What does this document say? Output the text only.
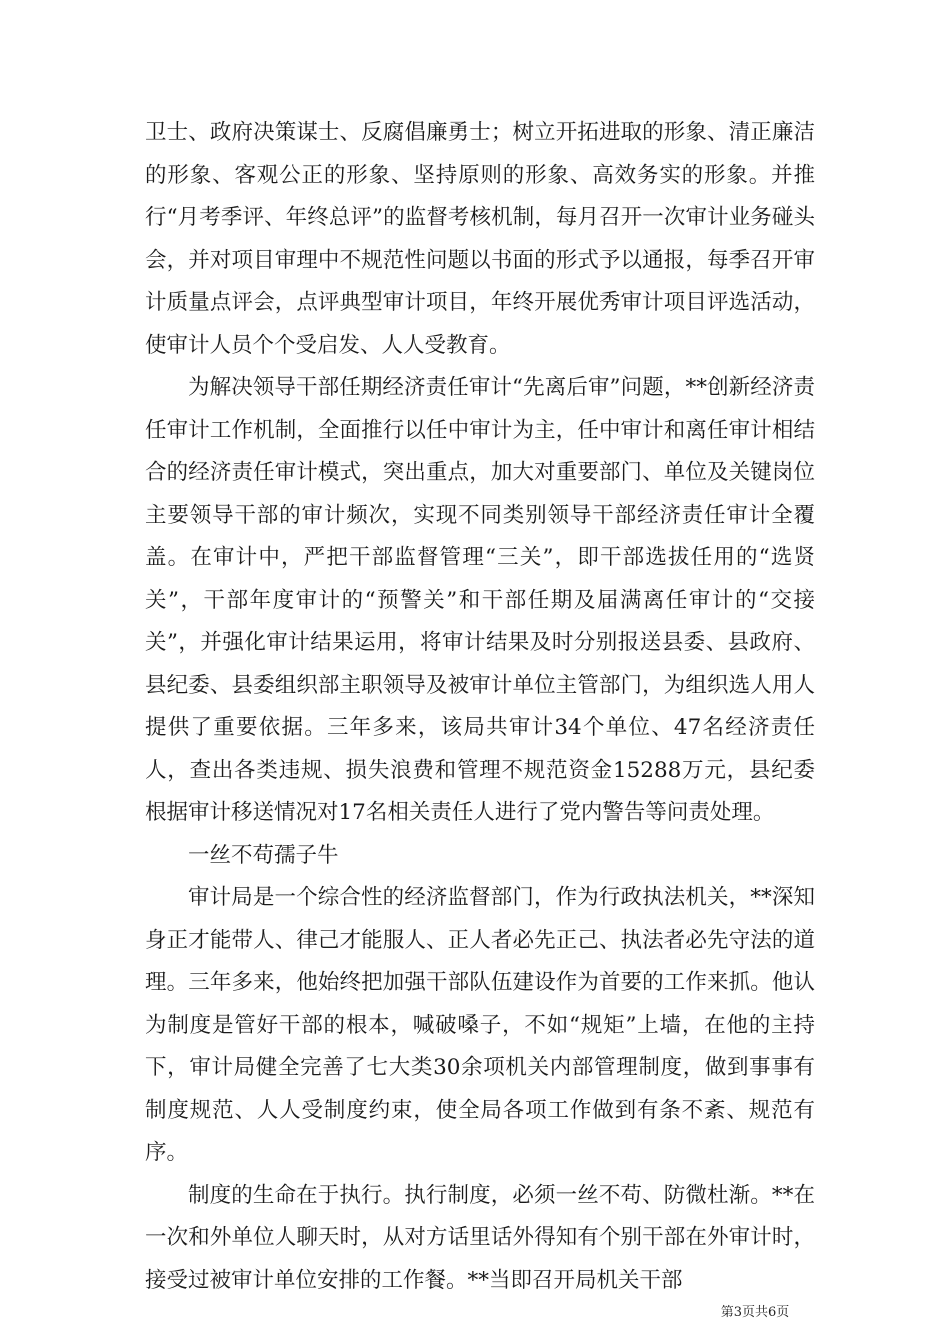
卫士、政府决策谋士、反腐倡廉勇士；树立开拓进取的形象、清正廉洁的形象、客观公正的形象、坚持原则的形象、高效务实的形象。并推行“月考季评、年终总评”的监督考核机制，每月召开一次审计业务碰头会，并对项目审理中不规范性问题以书面的形式予以通报，每季召开审计质量点评会，点评典型审计项目，年终开展优秀审计项目评选活动，使审计人员个个受启发、人人受教育。

为解决领导干部任期经济责任审计“先离后审”问题，**创新经济责任审计工作机制，全面推行以任中审计为主，任中审计和离任审计相结合的经济责任审计模式，突出重点，加大对重要部门、单位及关键岗位主要领导干部的审计频次，实现不同类别领导干部经济责任审计全覆盖。在审计中，严把干部监督管理“三关”，即干部选拔任用的“选贤关”，干部年度审计的“预警关”和干部任期及届满离任审计的“交接关”，并强化审计结果运用，将审计结果及时分别报送县委、县政府、县纪委、县委组织部主职领导及被审计单位主管部门，为组织选人用人提供了重要依据。三年多来，该局共审计34个单位、47名经济责任人，查出各类违规、损失浪费和管理不规范资金15288万元，县纪委根据审计移送情况对17名相关责任人进行了党内警告等问责处理。

一丝不苟孺子牛

审计局是一个综合性的经济监督部门，作为行政执法机关，**深知身正才能带人、律己才能服人、正人者必先正己、执法者必先守法的道理。三年多来，他始终把加强干部队伍建设作为首要的工作来抓。他认为制度是管好干部的根本，喊破嗓子，不如“规矩”上墙，在他的主持下，审计局健全完善了七大类30余项机关内部管理制度，做到事事有制度规范、人人受制度约束，使全局各项工作做到有条不紊、规范有序。

制度的生命在于执行。执行制度，必须一丝不苟、防微杜渐。**在一次和外单位人聊天时，从对方话里话外得知有个别干部在外审计时，接受过被审计单位安排的工作餐。**当即召开局机关干部

第3页共6页
